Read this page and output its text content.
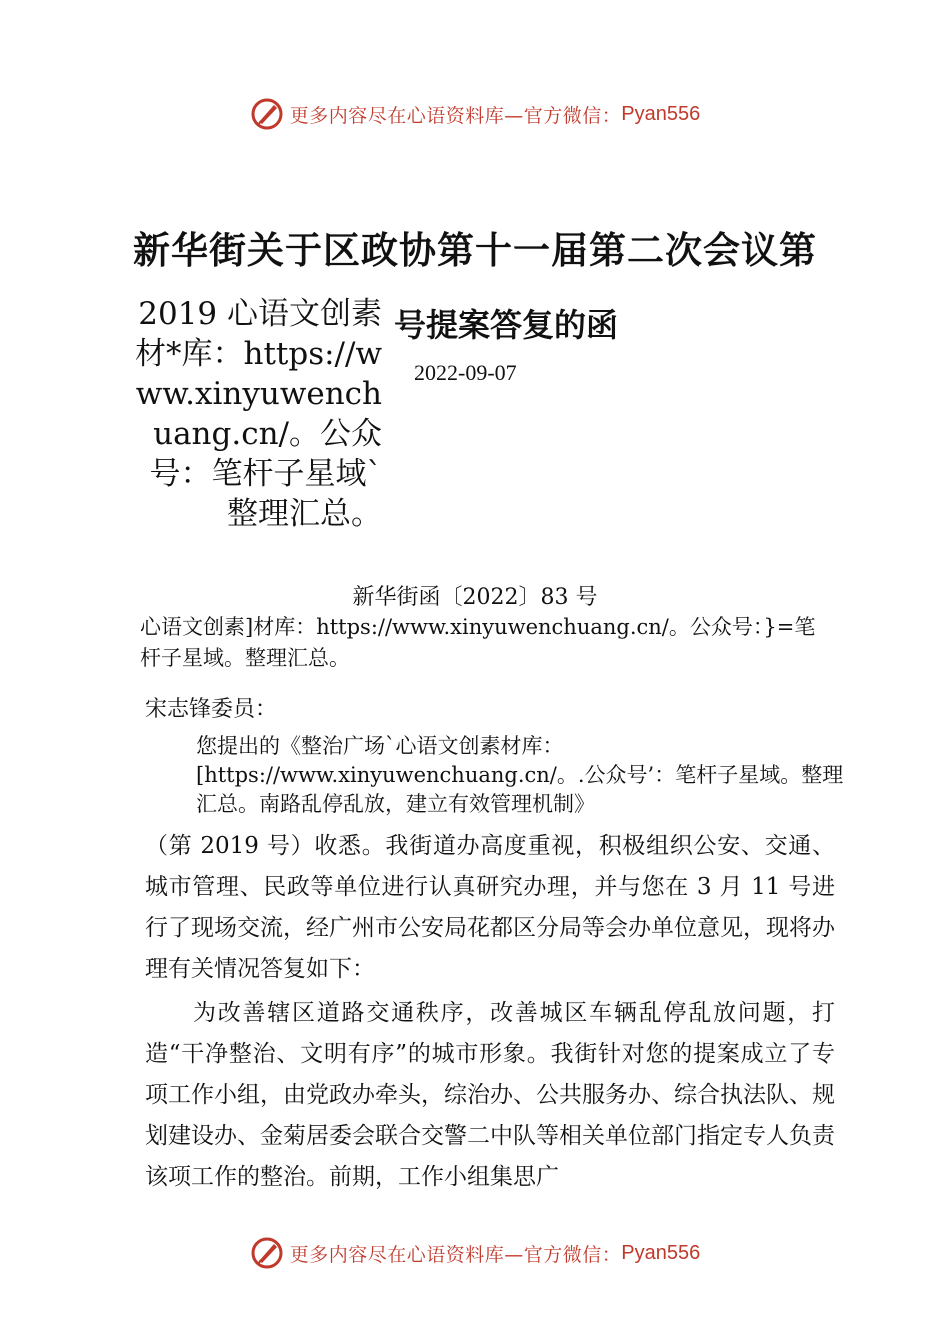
更多内容尽在心语资料库—官方微信： Pyan556
新华街关于区政协第十一届第二次会议第
2019 心语文创素材*库：https://www.xinyuwenchuang.cn/。公众号：笔杆子星域`整理汇总。
号提案答复的函
2022-09-07
新华街函〔2022〕83 号
心语文创素]材库：https://www.xinyuwenchuang.cn/。公众号：}=笔杆子星域。整理汇总。
宋志锋委员：
您提出的《整治广场`心语文创素材库：[https://www.xinyuwenchuang.cn/。.公众号’：笔杆子星域。整理汇总。南路乱停乱放，建立有效管理机制》
（第 2019 号）收悉。我街道办高度重视，积极组织公安、交通、城市管理、民政等单位进行认真研究办理，并与您在 3 月 11 号进行了现场交流，经广州市公安局花都区分局等会办单位意见，现将办理有关情况答复如下：
为改善辖区道路交通秩序，改善城区车辆乱停乱放问题，打造“干净整治、文明有序”的城市形象。我街针对您的提案成立了专项工作小组，由党政办牵头，综治办、公共服务办、综合执法队、规划建设办、金菊居委会联合交警二中队等相关单位部门指定专人负责该项工作的整治。前期，工作小组集思广
更多内容尽在心语资料库—官方微信： Pyan556
